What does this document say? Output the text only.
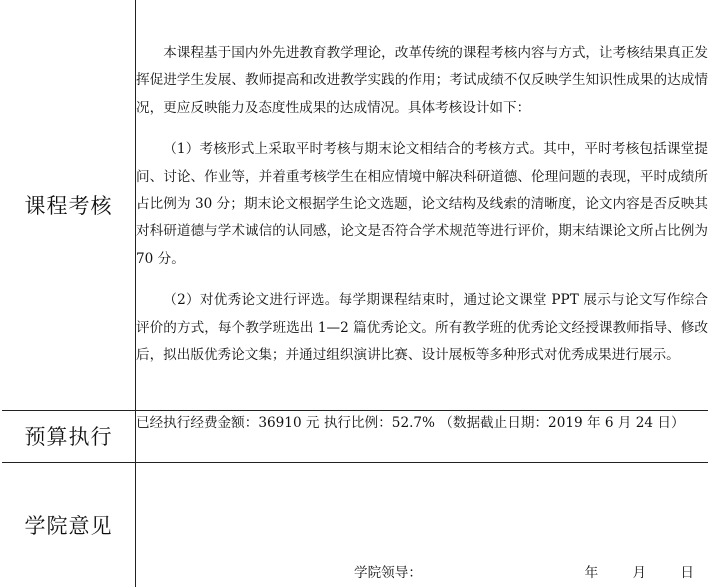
课程考核	本课程基于国内外先进教育教学理论，改革传统的课程考核内容与方式，让考核结果真正发挥促进学生发展、教师提高和改进教学实践的作用；考试成绩不仅反映学生知识性成果的达成情况，更应反映能力及态度性成果的达成情况。具体考核设计如下：

（1）考核形式上采取平时考核与期末论文相结合的考核方式。其中，平时考核包括课堂提问、讨论、作业等，并着重考核学生在相应情境中解决科研道德、伦理问题的表现，平时成绩所占比例为 30 分；期末论文根据学生论文选题，论文结构及线索的清晰度，论文内容是否反映其对科研道德与学术诚信的认同感，论文是否符合学术规范等进行评价，期末结课论文所占比例为 70 分。

（2）对优秀论文进行评选。每学期课程结束时，通过论文课堂 PPT 展示与论文写作综合评价的方式，每个教学班选出 1—2 篇优秀论文。所有教学班的优秀论文经授课教师指导、修改后，拟出版优秀论文集；并通过组织演讲比赛、设计展板等多种形式对优秀成果进行展示。

预算执行	已经执行经费金额：36910 元 执行比例：52.7% （数据截止日期：2019 年 6 月 24 日）
学院意见	学院领导： 年 月 日
